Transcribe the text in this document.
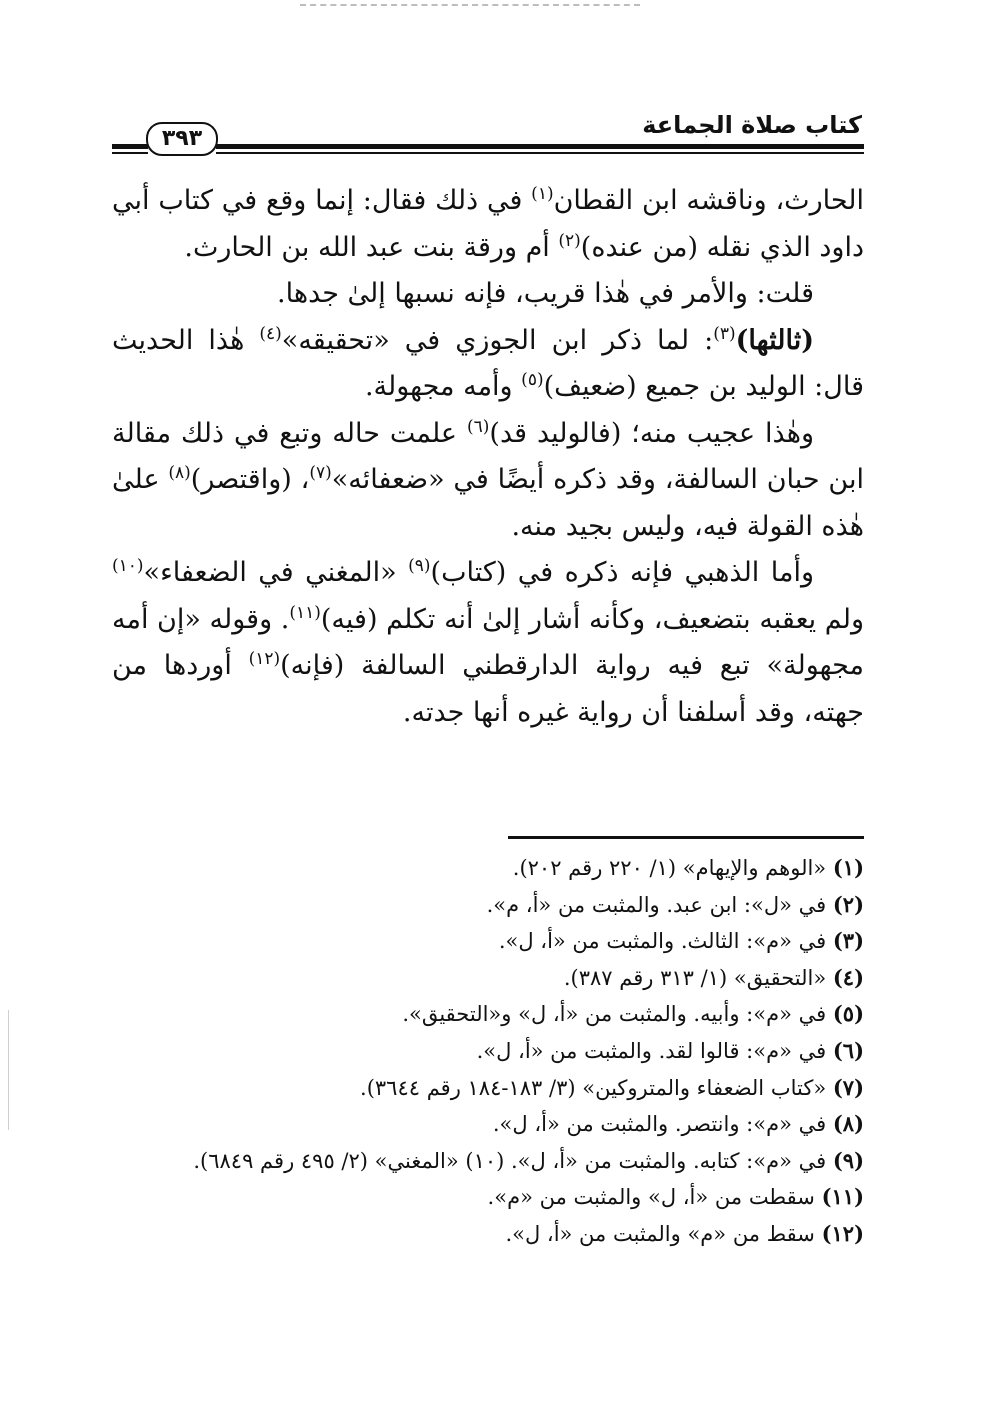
كتاب صلاة الجماعة
٣٩٣

الحارث، وناقشه ابن القطان$^{(١)}$ في ذلك فقال: إنما وقع في كتاب أبي داود الذي نقله (من عنده)$^{(٢)}$ أم ورقة بنت عبد الله بن الحارث.

قلت: والأمر في هٰذا قريب، فإنه نسبها إلىٰ جدها.

(ثالثها)$^{(٣)}$: لما ذكر ابن الجوزي في «تحقيقه»$^{(٤)}$ هٰذا الحديث قال: الوليد بن جميع (ضعيف)$^{(٥)}$ وأمه مجهولة.

وهٰذا عجيب منه؛ (فالوليد قد)$^{(٦)}$ علمت حاله وتبع في ذلك مقالة ابن حبان السالفة، وقد ذكره أيضًا في «ضعفائه»$^{(٧)}$، (واقتصر)$^{(٨)}$ علىٰ هٰذه القولة فيه، وليس بجيد منه.

وأما الذهبي فإنه ذكره في (كتاب)$^{(٩)}$ «المغني في الضعفاء»$^{(١٠)}$ ولم يعقبه بتضعيف، وكأنه أشار إلىٰ أنه تكلم (فيه)$^{(١١)}$. وقوله «إن أمه مجهولة» تبع فيه رواية الدارقطني السالفة (فإنه)$^{(١٢)}$ أوردها من جهته، وقد أسلفنا أن رواية غيره أنها جدته.

(١) «الوهم والإيهام» (١/ ٢٢٠ رقم ٢٠٢).

(٢) في «ل»: ابن عبد. والمثبت من «أ، م».

(٣) في «م»: الثالث. والمثبت من «أ، ل».

(٤) «التحقيق» (١/ ٣١٣ رقم ٣٨٧).

(٥) في «م»: وأبيه. والمثبت من «أ، ل» و«التحقيق».

(٦) في «م»: قالوا لقد. والمثبت من «أ، ل».

(٧) «كتاب الضعفاء والمتروكين» (٣/ ١٨٣-١٨٤ رقم ٣٦٤٤).

(٨) في «م»: وانتصر. والمثبت من «أ، ل».

(٩) في «م»: كتابه. والمثبت من «أ، ل». (١٠) «المغني» (٢/ ٤٩٥ رقم ٦٨٤٩).

(١١) سقطت من «أ، ل» والمثبت من «م».

(١٢) سقط من «م» والمثبت من «أ، ل».
